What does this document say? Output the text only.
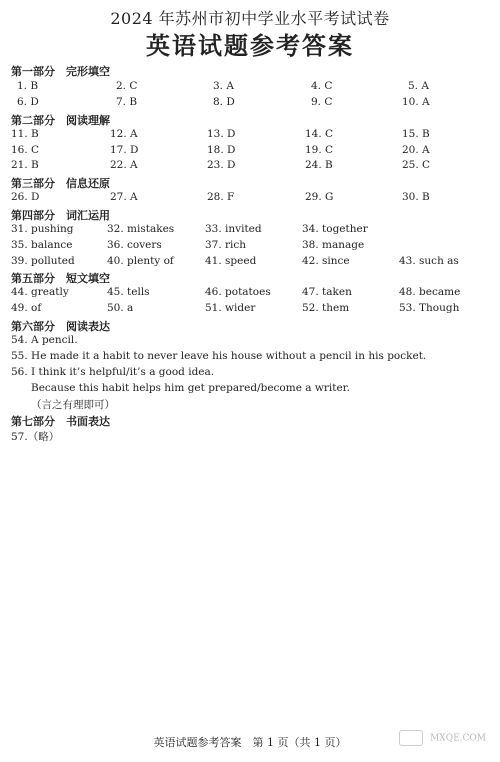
2024 年苏州市初中学业水平考试试卷
英语试题参考答案
第一部分　完形填空
1. B	2. C	3. A	4. C	5. A
6. D	7. B	8. D	9. C	10. A
第二部分　阅读理解
11. B	12. A	13. D	14. C	15. B
16. C	17. D	18. D	19. C	20. A
21. B	22. A	23. D	24. B	25. C
第三部分　信息还原
26. D	27. A	28. F	29. G	30. B
第四部分　词汇运用
31. pushing	32. mistakes	33. invited	34. together
35. balance	36. covers	37. rich	38. manage
39. polluted	40. plenty of	41. speed	42. since	43. such as
第五部分　短文填空
44. greatly	45. tells	46. potatoes	47. taken	48. became
49. of	50. a	51. wider	52. them	53. Though
第六部分　阅读表达
54. A pencil.
55. He made it a habit to never leave his house without a pencil in his pocket.
56. I think it’s helpful/it’s a good idea.
Because this habit helps him get prepared/become a writer.
（言之有理即可）
第七部分　书面表达
57.（略）
英语试题参考答案　第 1 页（共 1 页）	MXQE.COM
